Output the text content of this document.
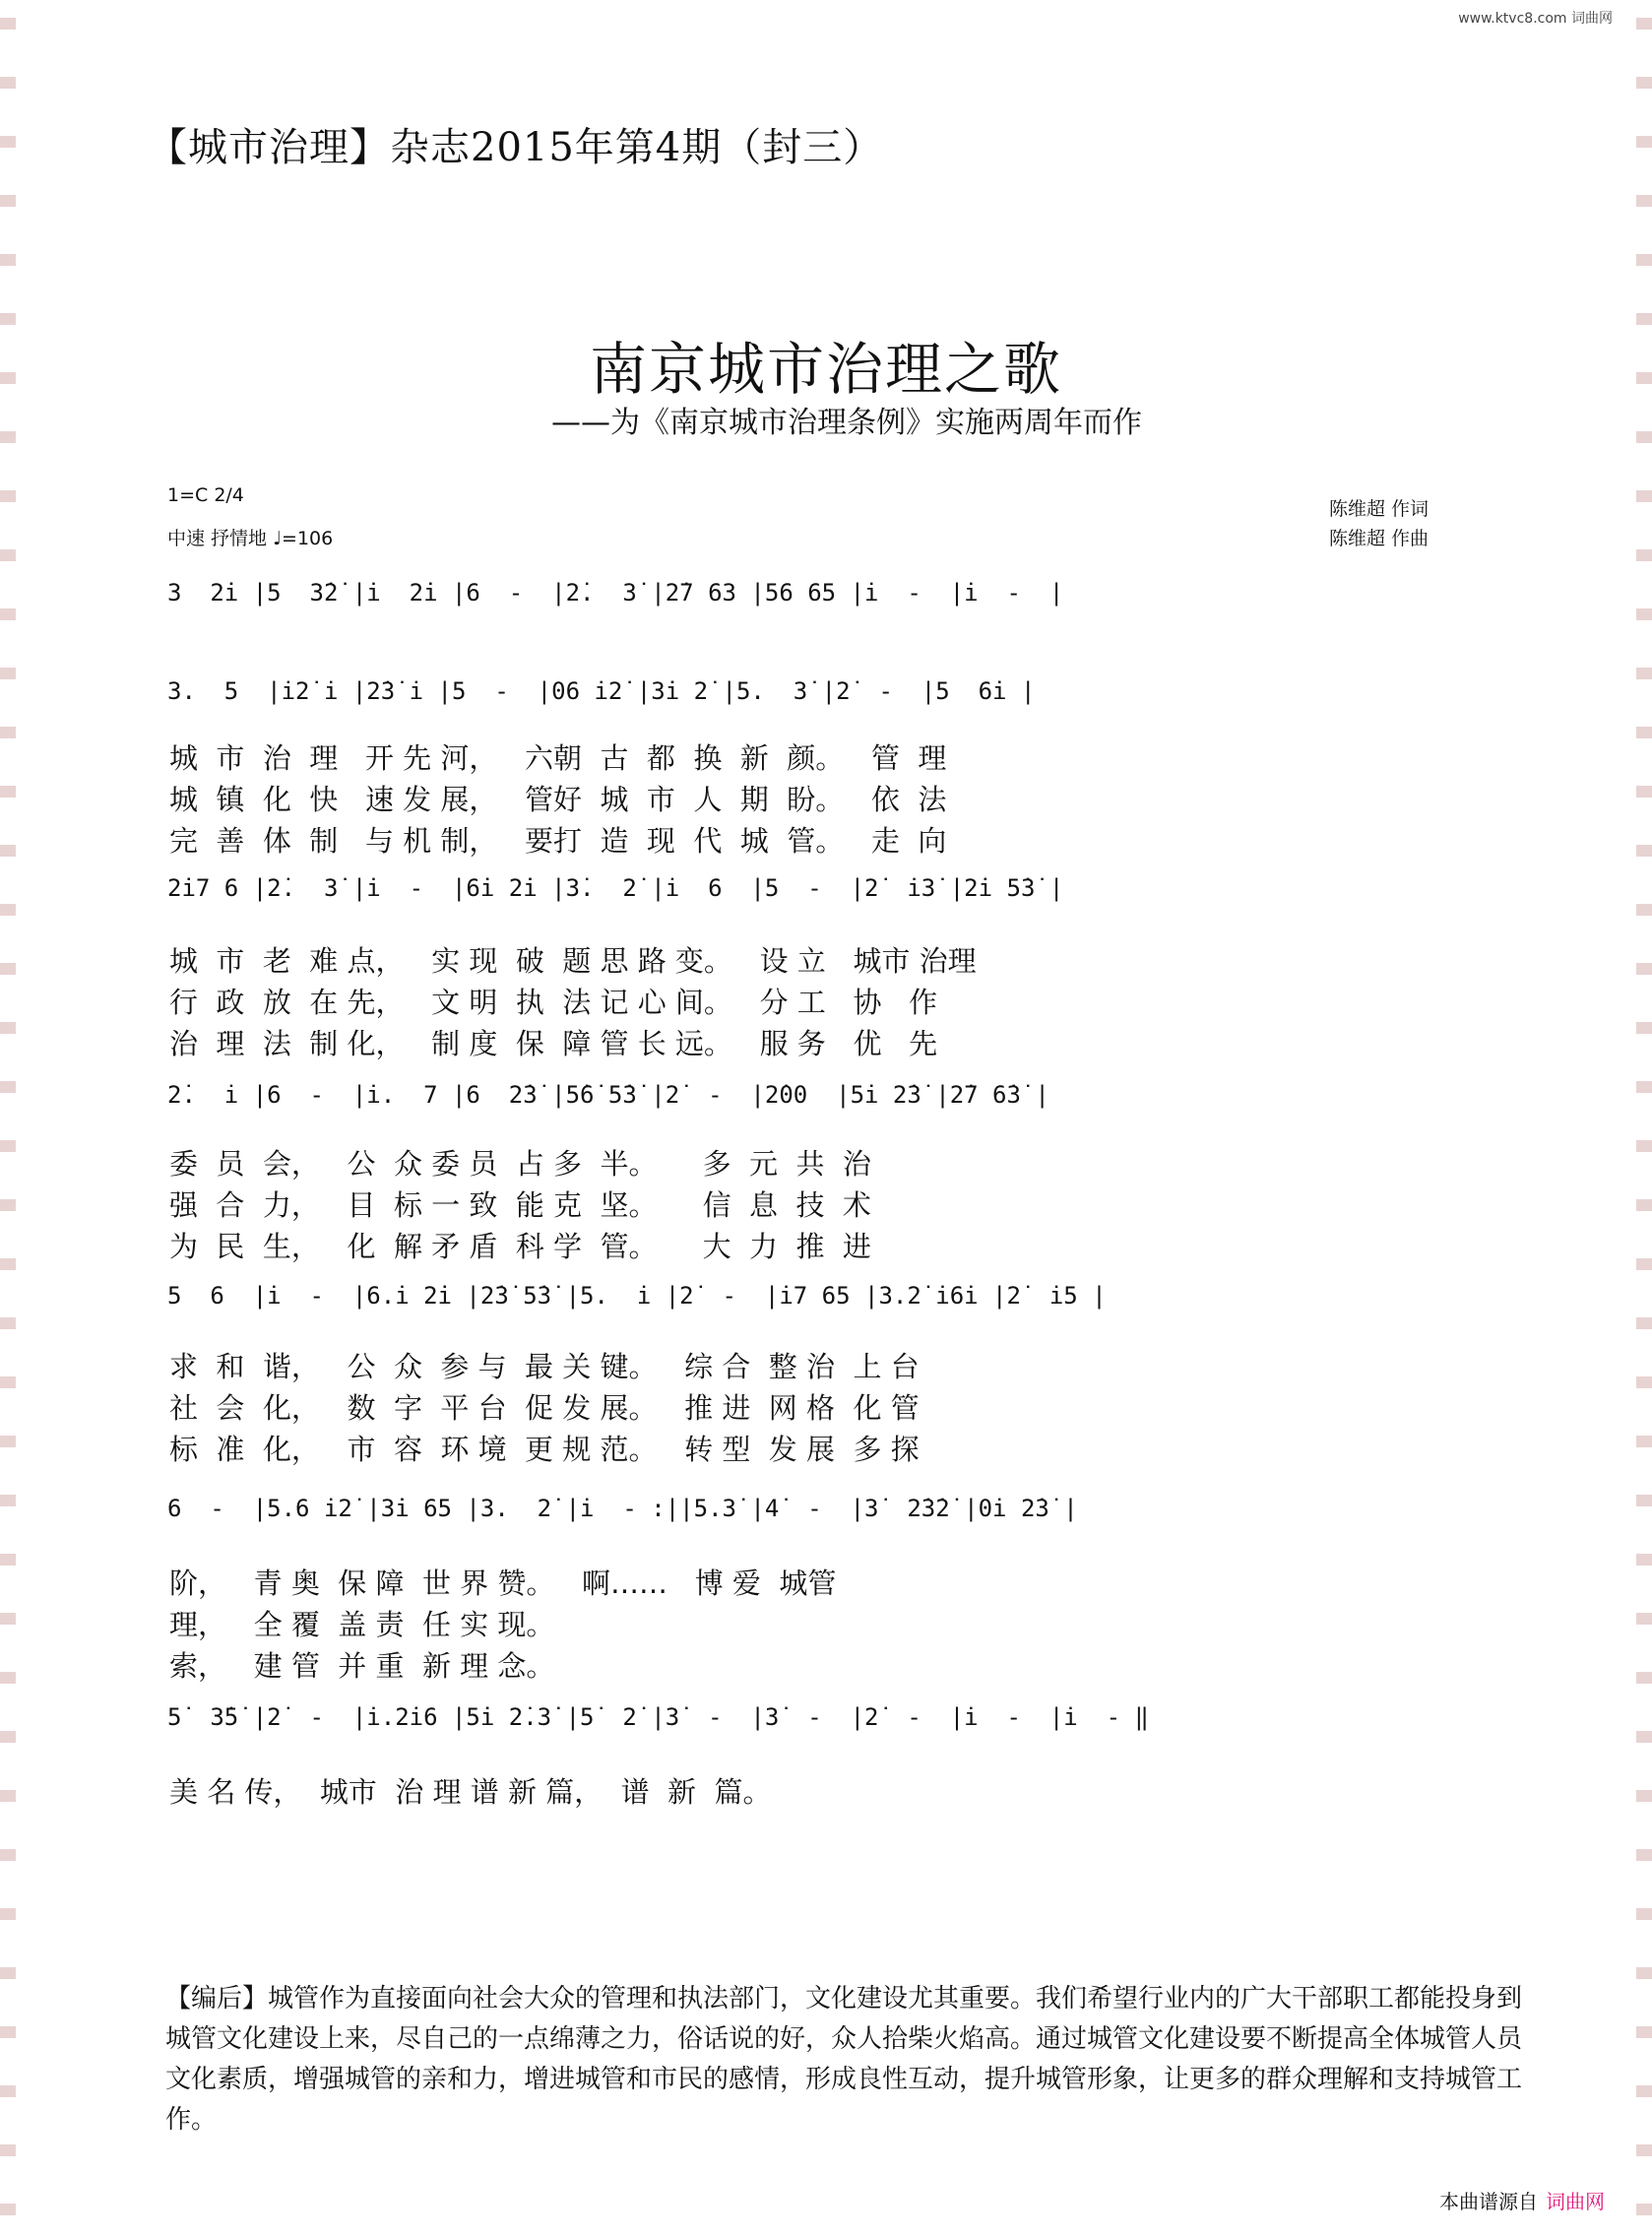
www.ktvc8.com 词曲网
【城市治理】杂志2015年第4期（封三）
南京城市治理之歌
——为《南京城市治理条例》实施两周年而作
1=C 2/4
中速 抒情地 ♩=106
陈维超 作词
陈维超 作曲
3  2̇i̇ |5  3̇2̇ |i̇  2̇i̇ |6  -  |2̇.  3̇ |2̇7 63 |56 65 |i̇  -  |i̇  -  |
3.  5  |i̇2̇ i̇ |2̇3̇ i̇ |5  -  |06 i̇2̇ |3̇i̇ 2̇ |5.  3̇ |2̇  -  |5  6̇i̇ |
城  市  治  理   开 先 河，   六朝  古  都  换  新  颜。   管  理
城  镇  化  快   速 发 展，   管好  城  市  人  期  盼。   依  法
完  善  体  制   与 机 制，   要打  造  现  代  城  管。   走  向
2̇i̇7 6 |2̇.  3̇ |i̇  -  |6̇i̇ 2̇i̇ |3̇.  2̇ |i̇  6  |5  -  |2̇  i̇3̇ |2̇i̇ 5̇3̇ |
城  市  老  难 点，   实 现  破  题 思 路 变。   设 立   城市 治理
行  政  放  在 先，   文 明  执  法 记 心 间。   分 工   协   作
治  理  法  制 化，   制 度  保  障 管 长 远。   服 务   优   先
2̇.  i̇ |6  -  |i̇.  7 |6  2̇3̇ |5̇6̇ 5̇3̇ |2̇  -  |2̇00  |5̇i̇ 2̇3̇ |2̇7 6̇3̇ |
委  员  会，   公  众 委 员  占 多  半。     多  元  共  治
强  合  力，   目  标 一 致  能 克  坚。     信  息  技  术
为  民  生，   化  解 矛 盾  科 学  管。     大  力  推  进
5  6  |i̇  -  |6.i̇ 2̇i̇ |2̇3̇ 5̇3̇ |5.  i̇ |2̇  -  |i̇7 65 |3.2̇ i̇6i̇ |2̇  i̇5 |
求  和  谐，   公  众  参 与  最 关 键。   综 合  整 治  上 台
社  会  化，   数  字  平 台  促 发 展。   推 进  网 格  化 管
标  准  化，   市  容  环 境  更 规 范。   转 型  发 展  多 探
6  -  |5.6 i̇2̇ |3̇i̇ 65 |3.  2̇ |i̇  - :||5.3̇ |4̇  -  |3̇  2̇3̇2̇ |0i̇ 2̇3̇ |
阶，   青 奥  保 障  世 界 赞。   啊……   博 爱  城管
理，   全 覆  盖 责  任 实 现。
索，   建 管  并 重  新 理 念。
5̇  3̇5̇ |2̇  -  |i̇.2̇i̇6 |5̇i̇ 2̇.3̇ |5̇  2̇ |3̇  -  |3̇  -  |2̇  -  |i̇  -  |i̇  - ‖
美 名 传，  城市  治 理 谱 新 篇，  谱  新  篇。
【编后】城管作为直接面向社会大众的管理和执法部门，文化建设尤其重要。我们希望行业内的广大干部职工都能投身到城管文化建设上来，尽自己的一点绵薄之力，俗话说的好，众人拾柴火焰高。通过城管文化建设要不断提高全体城管人员文化素质，增强城管的亲和力，增进城管和市民的感情，形成良性互动，提升城管形象，让更多的群众理解和支持城管工作。
本曲谱源自 词曲网
